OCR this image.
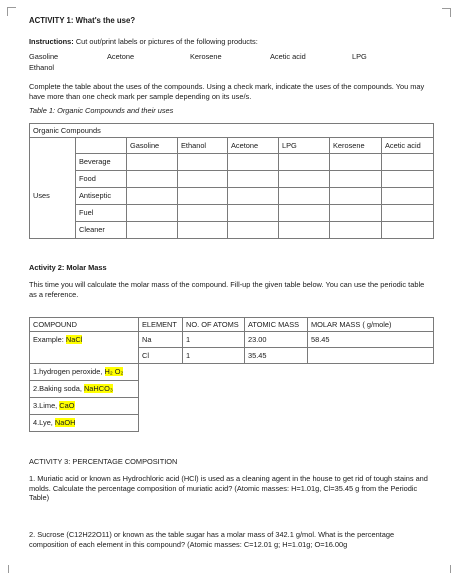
ACTIVITY 1: What's the use?
Instructions: Cut out/print labels or pictures of the following products:
Gasoline	Acetone	Kerosene	Acetic acid	LPG
Ethanol
Complete the table about the uses of the compounds. Using a check mark, indicate the uses of the compounds. You may have more than one check mark per sample depending on its use/s.
Table 1: Organic Compounds and their uses
Organic Compounds							
		Gasoline	Ethanol	Acetone	LPG	Kerosene	Acetic acid
Uses	Beverage						
	Food						
	Antiseptic						
	Fuel						
	Cleaner						
Activity 2: Molar Mass
This time you will calculate the molar mass of the compound. Fill-up the given table below. You can use the periodic table as a reference.
COMPOUND	ELEMENT	NO. OF ATOMS	ATOMIC MASS	MOLAR MASS ( g/mole)
Example: NaCl	Na	1	23.00	58.45
	Cl	1	35.45	
1.hydrogen peroxide, H₂ O₂				
2.Baking soda, NaHCO₃				
3.Lime, CaO				
4.Lye, NaOH				
ACTIVITY 3: PERCENTAGE COMPOSITION
1. Muriatic acid or known as Hydrochloric acid (HCl) is used as a cleaning agent in the house to get rid of tough stains and molds. Calculate the percentage composition of muriatic acid? (Atomic masses: H=1.01g, Cl=35.45 g from the Periodic Table)
2. Sucrose (C12H22O11) or known as the table sugar has a molar mass of 342.1 g/mol. What is the percentage composition of each element in this compound? (Atomic masses: C=12.01 g; H=1.01g; O=16.00g
